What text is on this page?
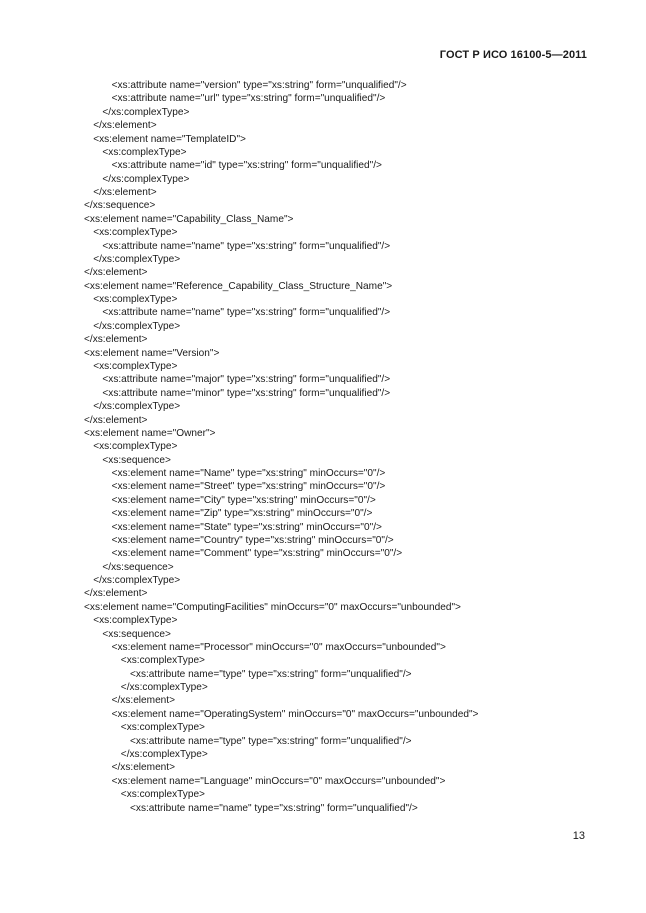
ГОСТ Р ИСО 16100-5—2011
<xs:attribute name="version" type="xs:string" form="unqualified"/>
<xs:attribute name="url" type="xs:string" form="unqualified"/>
</xs:complexType>
</xs:element>
<xs:element name="TemplateID">
<xs:complexType>
<xs:attribute name="id" type="xs:string" form="unqualified"/>
</xs:complexType>
</xs:element>
</xs:sequence>
<xs:element name="Capability_Class_Name">
<xs:complexType>
<xs:attribute name="name" type="xs:string" form="unqualified"/>
</xs:complexType>
</xs:element>
<xs:element name="Reference_Capability_Class_Structure_Name">
<xs:complexType>
<xs:attribute name="name" type="xs:string" form="unqualified"/>
</xs:complexType>
</xs:element>
<xs:element name="Version">
<xs:complexType>
<xs:attribute name="major" type="xs:string" form="unqualified"/>
<xs:attribute name="minor" type="xs:string" form="unqualified"/>
</xs:complexType>
</xs:element>
<xs:element name="Owner">
<xs:complexType>
<xs:sequence>
<xs:element name="Name" type="xs:string" minOccurs="0"/>
<xs:element name="Street" type="xs:string" minOccurs="0"/>
<xs:element name="City" type="xs:string" minOccurs="0"/>
<xs:element name="Zip" type="xs:string" minOccurs="0"/>
<xs:element name="State" type="xs:string" minOccurs="0"/>
<xs:element name="Country" type="xs:string" minOccurs="0"/>
<xs:element name="Comment" type="xs:string" minOccurs="0"/>
</xs:sequence>
</xs:complexType>
</xs:element>
<xs:element name="ComputingFacilities" minOccurs="0" maxOccurs="unbounded">
<xs:complexType>
<xs:sequence>
<xs:element name="Processor" minOccurs="0" maxOccurs="unbounded">
<xs:complexType>
<xs:attribute name="type" type="xs:string" form="unqualified"/>
</xs:complexType>
</xs:element>
<xs:element name="OperatingSystem" minOccurs="0" maxOccurs="unbounded">
<xs:complexType>
<xs:attribute name="type" type="xs:string" form="unqualified"/>
</xs:complexType>
</xs:element>
<xs:element name="Language" minOccurs="0" maxOccurs="unbounded">
<xs:complexType>
<xs:attribute name="name" type="xs:string" form="unqualified"/>
13
